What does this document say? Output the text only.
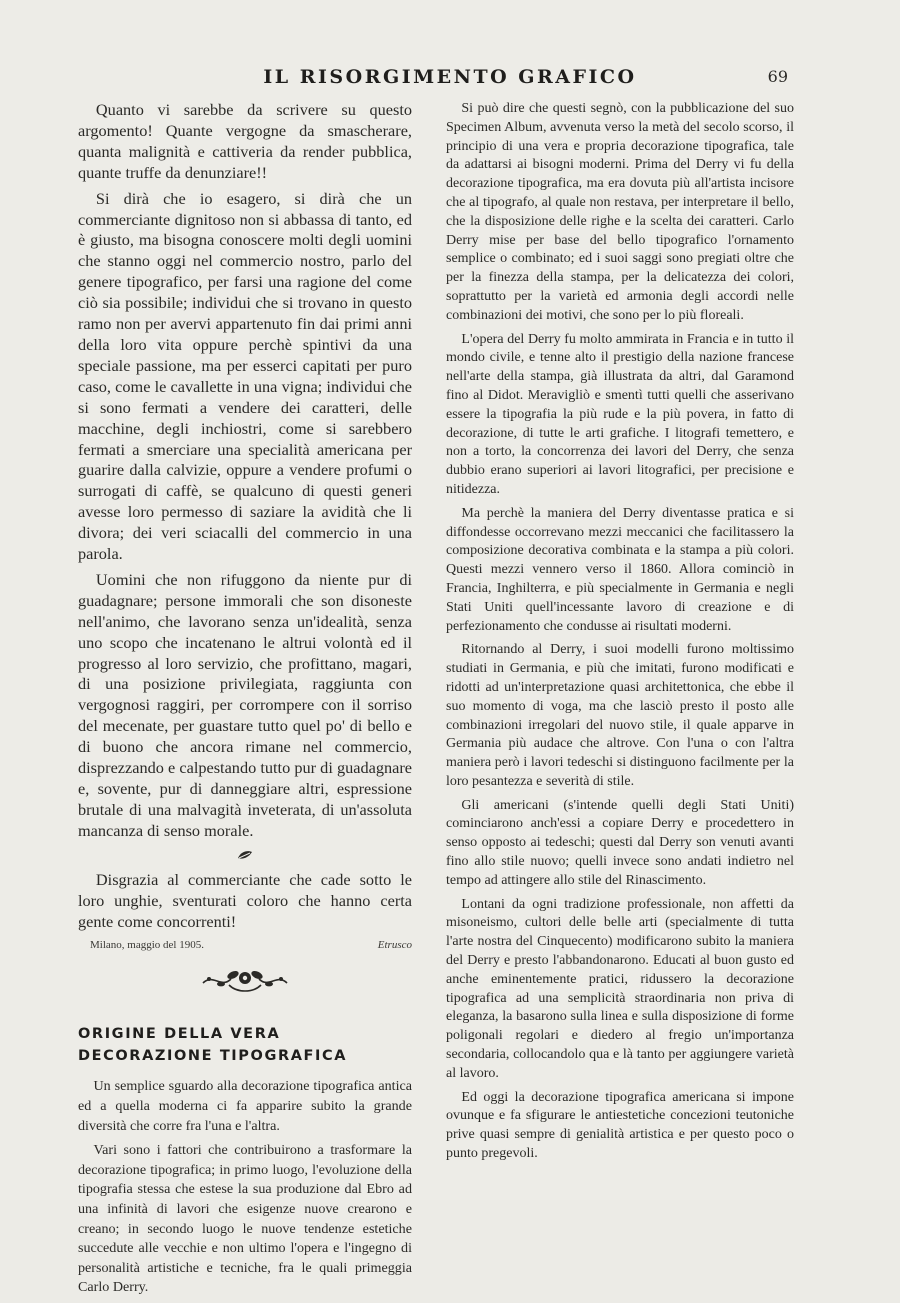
IL RISORGIMENTO GRAFICO	69

Quanto vi sarebbe da scrivere su questo argomento! Quante vergogne da smascherare, quanta malignità e cattiveria da render pubblica, quante truffe da denunziare!!

Si dirà che io esagero, si dirà che un commerciante dignitoso non si abbassa di tanto, ed è giusto, ma bisogna conoscere molti degli uomini che stanno oggi nel commercio nostro, parlo del genere tipografico, per farsi una ragione del come ciò sia possibile; individui che si trovano in questo ramo non per avervi appartenuto fin dai primi anni della loro vita oppure perchè spintivi da una speciale passione, ma per esserci capitati per puro caso, come le cavallette in una vigna; individui che si sono fermati a vendere dei caratteri, delle macchine, degli inchiostri, come si sarebbero fermati a smerciare una specialità americana per guarire dalla calvizie, oppure a vendere profumi o surrogati di caffè, se qualcuno di questi generi avesse loro permesso di saziare la avidità che li divora; dei veri sciacalli del commercio in una parola.

Uomini che non rifuggono da niente pur di guadagnare; persone immorali che son disoneste nell'animo, che lavorano senza un'idealità, senza uno scopo che incatenano le altrui volontà ed il progresso al loro servizio, che profittano, magari, di una posizione privilegiata, raggiunta con vergognosi raggiri, per corrompere con il sorriso del mecenate, per guastare tutto quel po' di bello e di buono che ancora rimane nel commercio, disprezzando e calpestando tutto pur di guadagnare e, sovente, pur di danneggiare altri, espressione brutale di una malvagità inveterata, di un'assoluta mancanza di senso morale.

Disgrazia al commerciante che cade sotto le loro unghie, sventurati coloro che hanno certa gente come concorrenti!

Milano, maggio del 1905.	Etrusco
ORIGINE DELLA VERA DECORAZIONE TIPOGRAFICA

Un semplice sguardo alla decorazione tipografica antica ed a quella moderna ci fa apparire subito la grande diversità che corre fra l'una e l'altra.

Vari sono i fattori che contribuirono a trasformare la decorazione tipografica; in primo luogo, l'evoluzione della tipografia stessa che estese la sua produzione dal Ebro ad una infinità di lavori che esigenze nuove crearono e creano; in secondo luogo le nuove tendenze estetiche succedute alle vecchie e non ultimo l'opera e l'ingegno di personalità artistiche e tecniche, fra le quali primeggia Carlo Derry.

Si può dire che questi segnò, con la pubblicazione del suo Specimen Album, avvenuta verso la metà del secolo scorso, il principio di una vera e propria decorazione tipografica, tale da adattarsi ai bisogni moderni. Prima del Derry vi fu della decorazione tipografica, ma era dovuta più all'artista incisore che al tipografo, al quale non restava, per interpretare il bello, che la disposizione delle righe e la scelta dei caratteri. Carlo Derry mise per base del bello tipografico l'ornamento semplice o combinato; ed i suoi saggi sono pregiati oltre che per la finezza della stampa, per la delicatezza dei colori, soprattutto per la varietà ed armonia degli accordi nelle combinazioni dei motivi, che sono per lo più floreali.

L'opera del Derry fu molto ammirata in Francia e in tutto il mondo civile, e tenne alto il prestigio della nazione francese nell'arte della stampa, già illustrata da altri, dal Garamond fino al Didot. Meravigliò e smentì tutti quelli che asserivano essere la tipografia la più rude e la più povera, in fatto di decorazione, di tutte le arti grafiche. I litografi temettero, e non a torto, la concorrenza dei lavori del Derry, che senza dubbio erano superiori ai lavori litografici, per precisione e nitidezza.

Ma perchè la maniera del Derry diventasse pratica e si diffondesse occorrevano mezzi meccanici che facilitassero la composizione decorativa combinata e la stampa a più colori. Questi mezzi vennero verso il 1860. Allora cominciò in Francia, Inghilterra, e più specialmente in Germania e negli Stati Uniti quell'incessante lavoro di creazione e di perfezionamento che condusse ai risultati moderni.

Ritornando al Derry, i suoi modelli furono moltissimo studiati in Germania, e più che imitati, furono modificati e ridotti ad un'interpretazione quasi architettonica, che ebbe il suo momento di voga, ma che lasciò presto il posto alle combinazioni irregolari del nuovo stile, il quale apparve in Germania più audace che altrove. Con l'una o con l'altra maniera però i lavori tedeschi si distinguono facilmente per la loro pesantezza e severità di stile.

Gli americani (s'intende quelli degli Stati Uniti) cominciarono anch'essi a copiare Derry e procedettero in senso opposto ai tedeschi; questi dal Derry son venuti avanti fino allo stile nuovo; quelli invece sono andati indietro nel tempo ad attingere allo stile del Rinascimento.

Lontani da ogni tradizione professionale, non affetti da misoneismo, cultori delle belle arti (specialmente di tutta l'arte nostra del Cinquecento) modificarono subito la maniera del Derry e presto l'abbandonarono. Educati al buon gusto ed anche eminentemente pratici, ridussero la decorazione tipografica ad una semplicità straordinaria non priva di eleganza, la basarono sulla linea e sulla disposizione di forme poligonali regolari e diedero al fregio un'importanza secondaria, collocandolo qua e là tanto per aggiungere varietà al lavoro.

Ed oggi la decorazione tipografica americana si impone ovunque e fa sfigurare le antiestetiche concezioni teutoniche prive quasi sempre di genialità artistica e per questo poco o punto pregevoli.
